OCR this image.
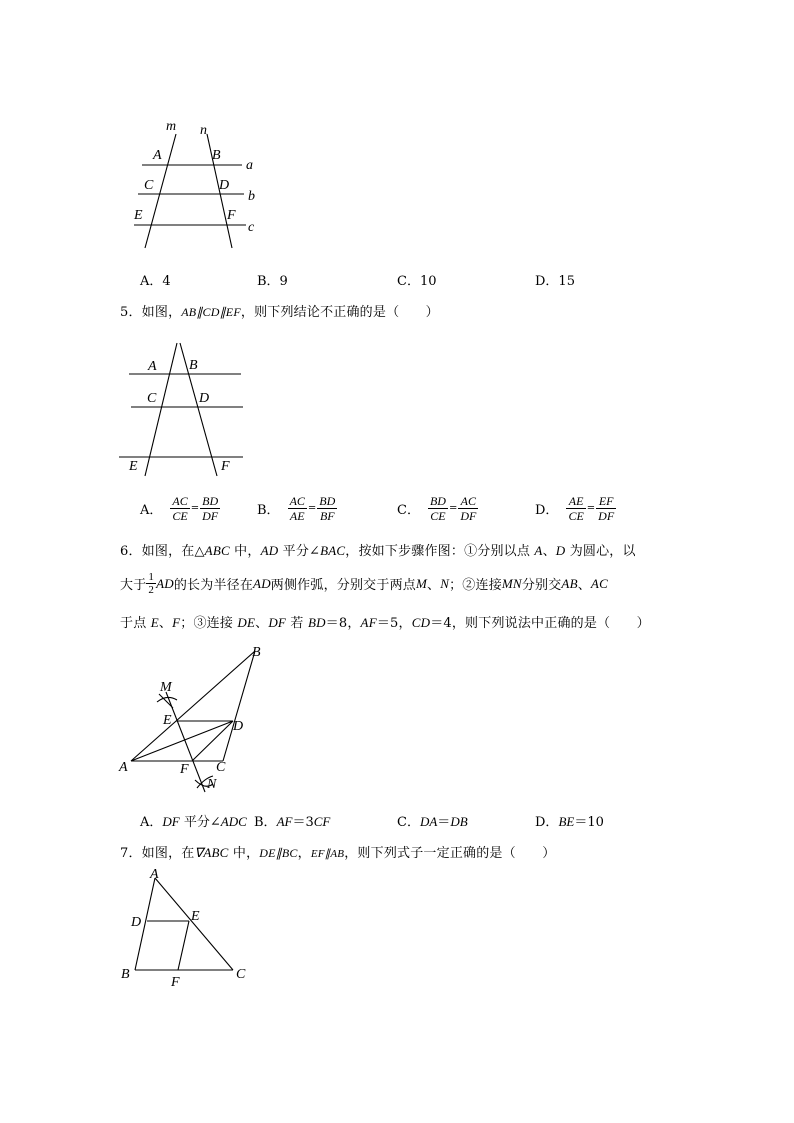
m n
A	B
a
C	D
b
E	F
c
A．4	B．9	C．10	D．15
5．如图，AB∥CD∥EF，则下列结论不正确的是（　　）
A B
C	D
E	F
A． $\frac{AC}{CE} = \frac{BD}{DF}$	B． $\frac{AC}{AE} = \frac{BD}{BF}$	C． $\frac{BD}{CE} = \frac{AC}{DF}$	D． $\frac{AE}{CE} = \frac{EF}{DF}$
6．如图，在△ABC 中，AD 平分∠BAC，按如下步骤作图：①分别以点 A、D 为圆心，以
大于 $\frac{1}{2}$ AD 的长为半径在 AD 两侧作弧，分别交于两点 M 、 N ；②连接 MN 分别交 AB 、 AC
于点 E、F；③连接 DE、DF 若 BD＝8，AF＝5，CD＝4，则下列说法中正确的是（　　）
M
B
E	D
A	F C
N
A．DF 平分∠ADC B．AF＝3CF	C．DA＝DB	D．BE＝10
7．如图，在∇ABC 中，DE∥BC，EF∥AB，则下列式子一定正确的是（　　）
A
D	E
B
F
C
